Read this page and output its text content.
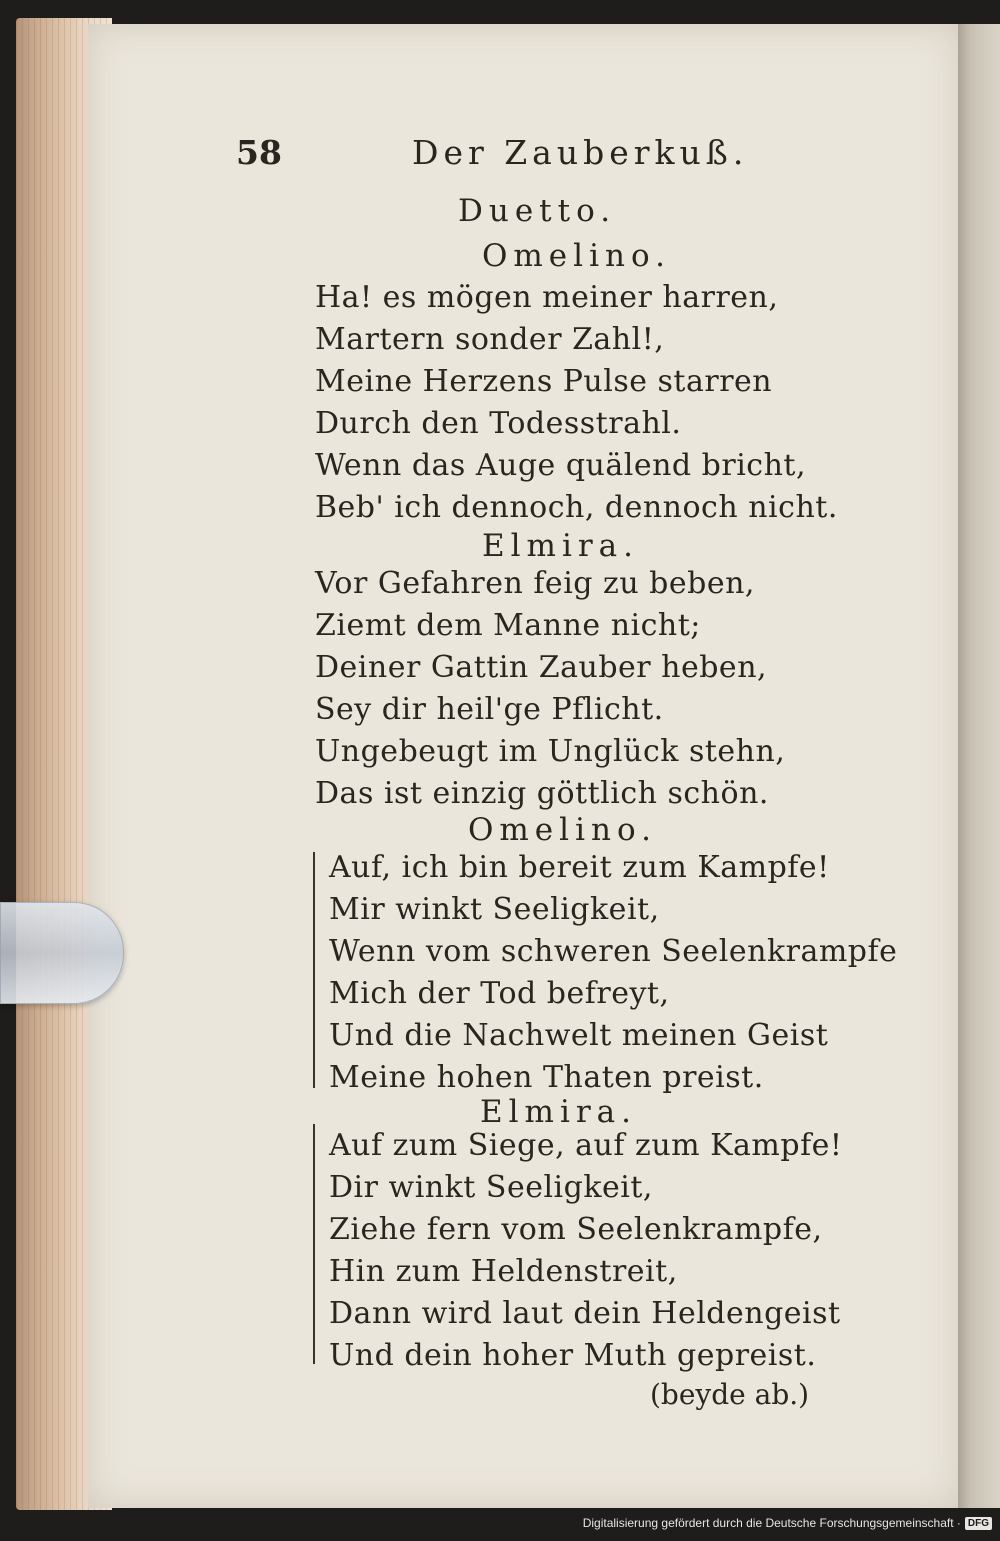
58	Der Zauberkuß.
Duetto.
Omelino.
Ha! es mögen meiner harren,
Martern sonder Zahl!,
Meine Herzens Pulse starren
Durch den Todesstrahl.
Wenn das Auge quälend bricht,
Beb' ich dennoch, dennoch nicht.
Elmira.
Vor Gefahren feig zu beben,
Ziemt dem Manne nicht;
Deiner Gattin Zauber heben,
Sey dir heil'ge Pflicht.
Ungebeugt im Unglück stehn,
Das ist einzig göttlich schön.
Omelino.
Auf, ich bin bereit zum Kampfe!
Mir winkt Seeligkeit,
Wenn vom schweren Seelenkrampfe
Mich der Tod befreyt,
Und die Nachwelt meinen Geist
Meine hohen Thaten preist.
Elmira.
Auf zum Siege, auf zum Kampfe!
Dir winkt Seeligkeit,
Ziehe fern vom Seelenkrampfe,
Hin zum Heldenstreit,
Dann wird laut dein Heldengeist
Und dein hoher Muth gepreist.
(beyde ab.)
Digitalisierung gefördert durch die Deutsche Forschungsgemeinschaft · DFG
